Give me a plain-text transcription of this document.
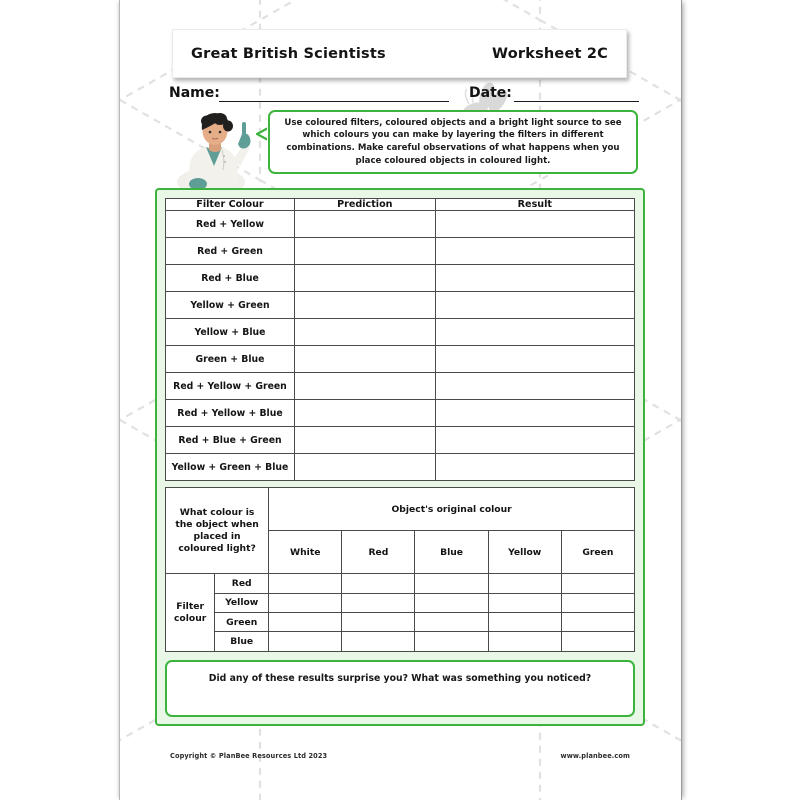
Great British Scientists	Worksheet 2C
Name:	Date:
Use coloured filters, coloured objects and a bright light source to see which colours you can make by layering the filters in different combinations. Make careful observations of what happens when you place coloured objects in coloured light.
Filter Colour	Prediction	Result
Red + Yellow		
Red + Green		
Red + Blue		
Yellow + Green		
Yellow + Blue		
Green + Blue		
Red + Yellow + Green		
Red + Yellow + Blue		
Red + Blue + Green		
Yellow + Green + Blue		
What colour is the object when placed in coloured light?		Object's original colour				
		White	Red	Blue	Yellow	Green
Filter colour	Red					
	Yellow					
	Green					
	Blue					
Did any of these results surprise you? What was something you noticed?
Copyright © PlanBee Resources Ltd 2023	www.planbee.com
